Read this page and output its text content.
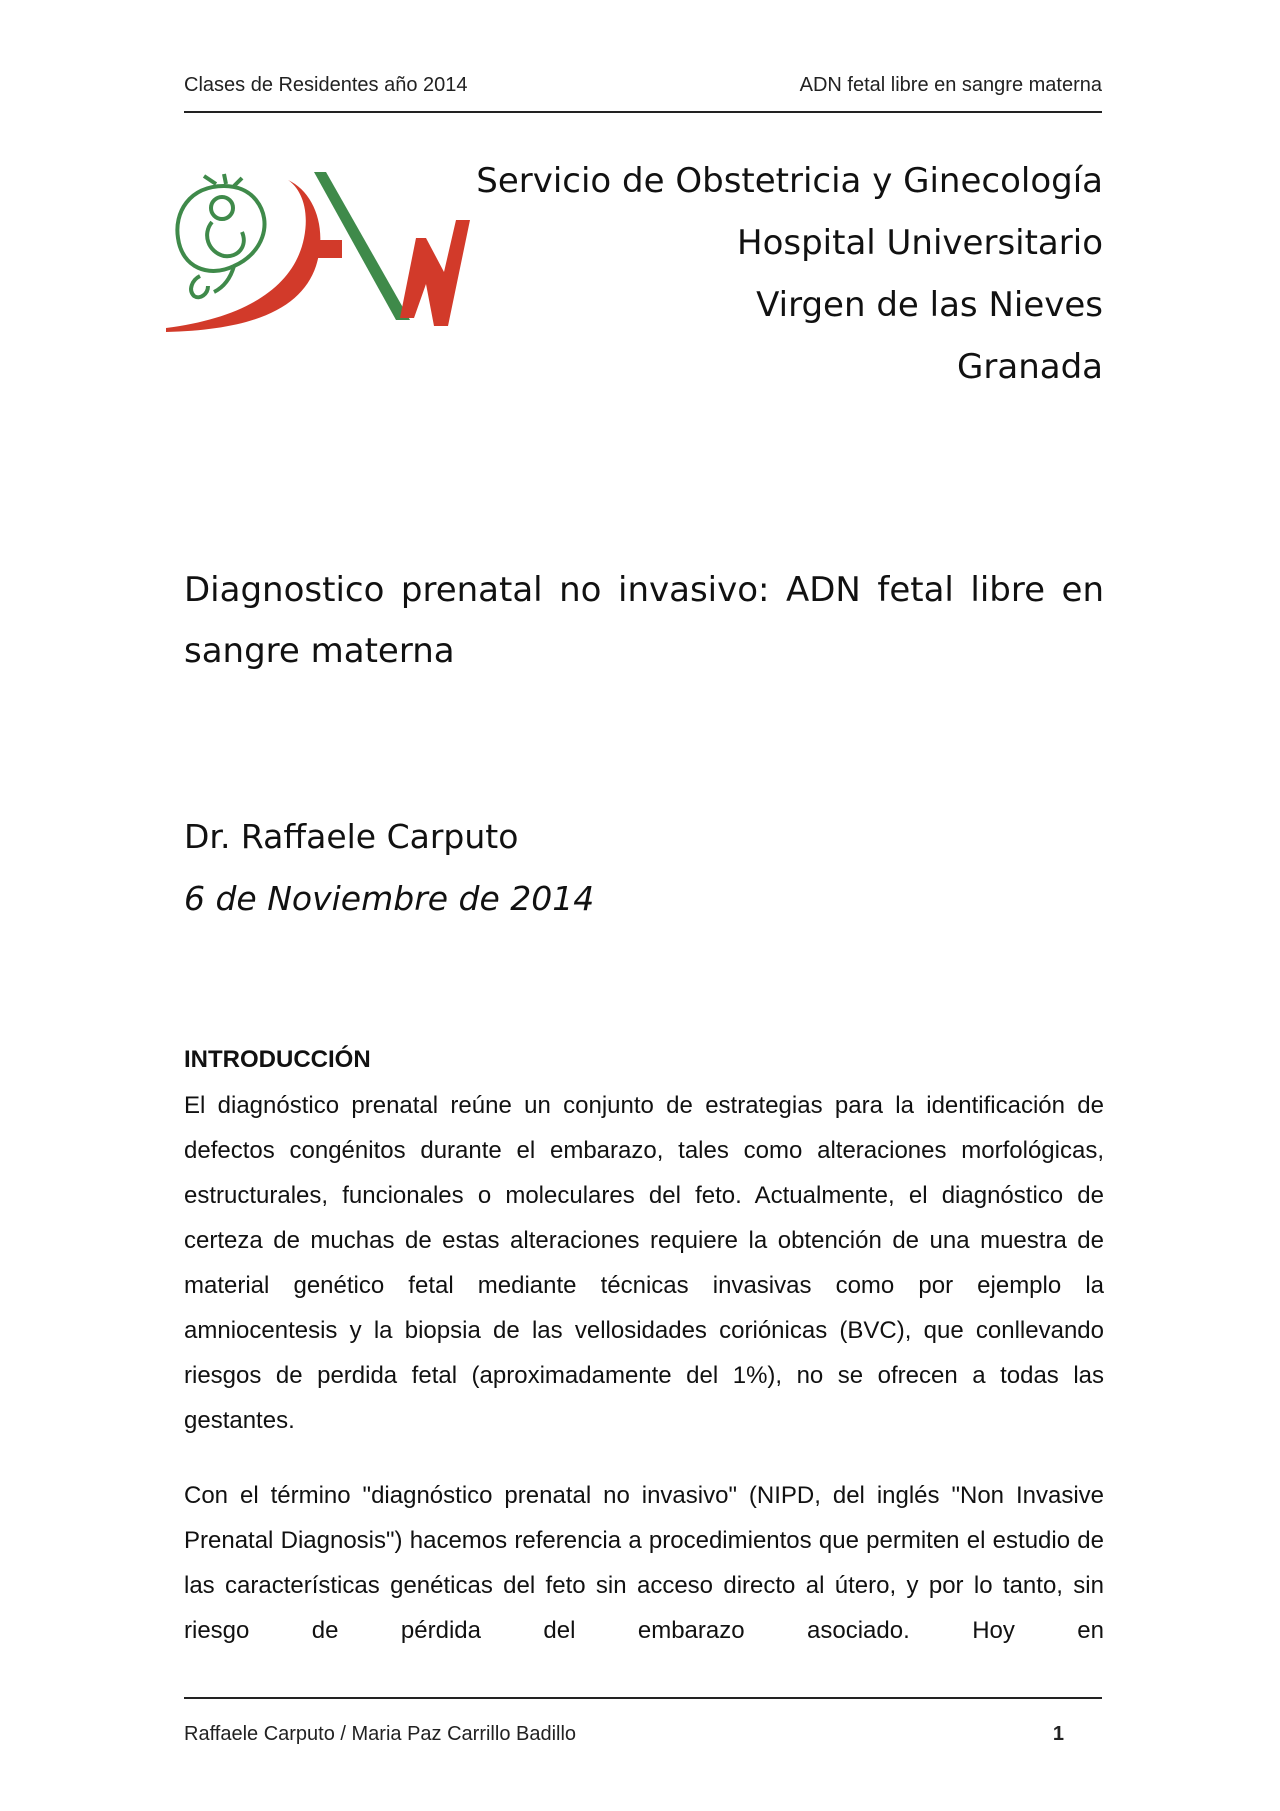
Clases de Residentes año 2014	ADN fetal libre en sangre materna
Servicio de Obstetricia y Ginecología
Hospital Universitario
Virgen de las Nieves
Granada
Diagnostico prenatal no invasivo: ADN fetal libre en sangre materna
Dr. Raffaele Carputo
6 de Noviembre de 2014
INTRODUCCIÓN
El diagnóstico prenatal reúne un conjunto de estrategias para la identificación de defectos congénitos durante el embarazo, tales como alteraciones morfológicas, estructurales, funcionales o moleculares del feto. Actualmente, el diagnóstico de certeza de muchas de estas alteraciones requiere la obtención de una muestra de material genético fetal mediante técnicas invasivas como por ejemplo la amniocentesis y la biopsia de las vellosidades coriónicas (BVC), que conllevando riesgos de perdida fetal (aproximadamente del 1%), no se ofrecen a todas las gestantes.
Con el término "diagnóstico prenatal no invasivo" (NIPD, del inglés "Non Invasive Prenatal Diagnosis") hacemos referencia a procedimientos que permiten el estudio de las características genéticas del feto sin acceso directo al útero, y por lo tanto, sin riesgo de pérdida del embarazo asociado. Hoy en
Raffaele Carputo / Maria Paz Carrillo Badillo	1
